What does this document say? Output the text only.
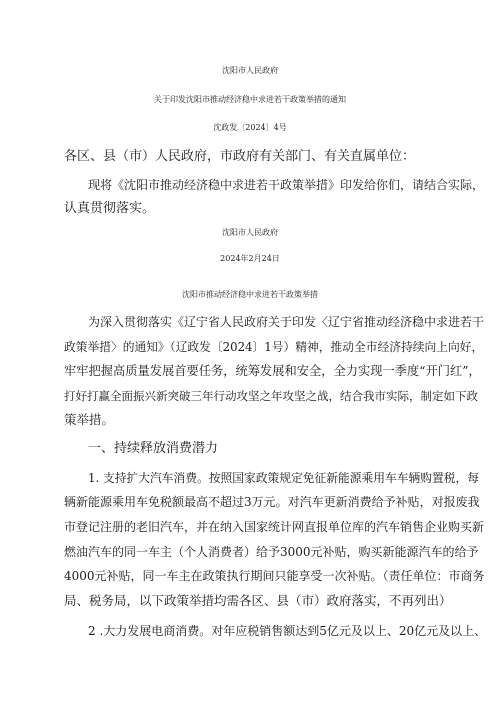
沈阳市人民政府
关于印发沈阳市推动经济稳中求进若干政策举措的通知
沈政发〔2024〕4号
各区、县（市）人民政府，市政府有关部门、有关直属单位：
现将《沈阳市推动经济稳中求进若干政策举措》印发给你们，请结合实际，
认真贯彻落实。
沈阳市人民政府
2024年2月24日
沈阳市推动经济稳中求进若干政策举措
为深入贯彻落实《辽宁省人民政府关于印发〈辽宁省推动经济稳中求进若干
政策举措〉的通知》（辽政发〔2024〕1号）精神，推动全市经济持续向上向好，
牢牢把握高质量发展首要任务，统筹发展和安全，全力实现一季度“开门红”，
打好打赢全面振兴新突破三年行动攻坚之年攻坚之战，结合我市实际，制定如下政
策举措。
一、持续释放消费潜力
1. 支持扩大汽车消费。按照国家政策规定免征新能源乘用车车辆购置税，每
辆新能源乘用车免税额最高不超过3万元。对汽车更新消费给予补贴，对报废我
市登记注册的老旧汽车，并在纳入国家统计网直报单位库的汽车销售企业购买新
燃油汽车的同一车主（个人消费者）给予3000元补贴，购买新能源汽车的给予
4000元补贴，同一车主在政策执行期间只能享受一次补贴。（责任单位：市商务
局、税务局，以下政策举措均需各区、县（市）政府落实，不再列出）
2 .大力发展电商消费。对年应税销售额达到5亿元及以上、20亿元及以上、
